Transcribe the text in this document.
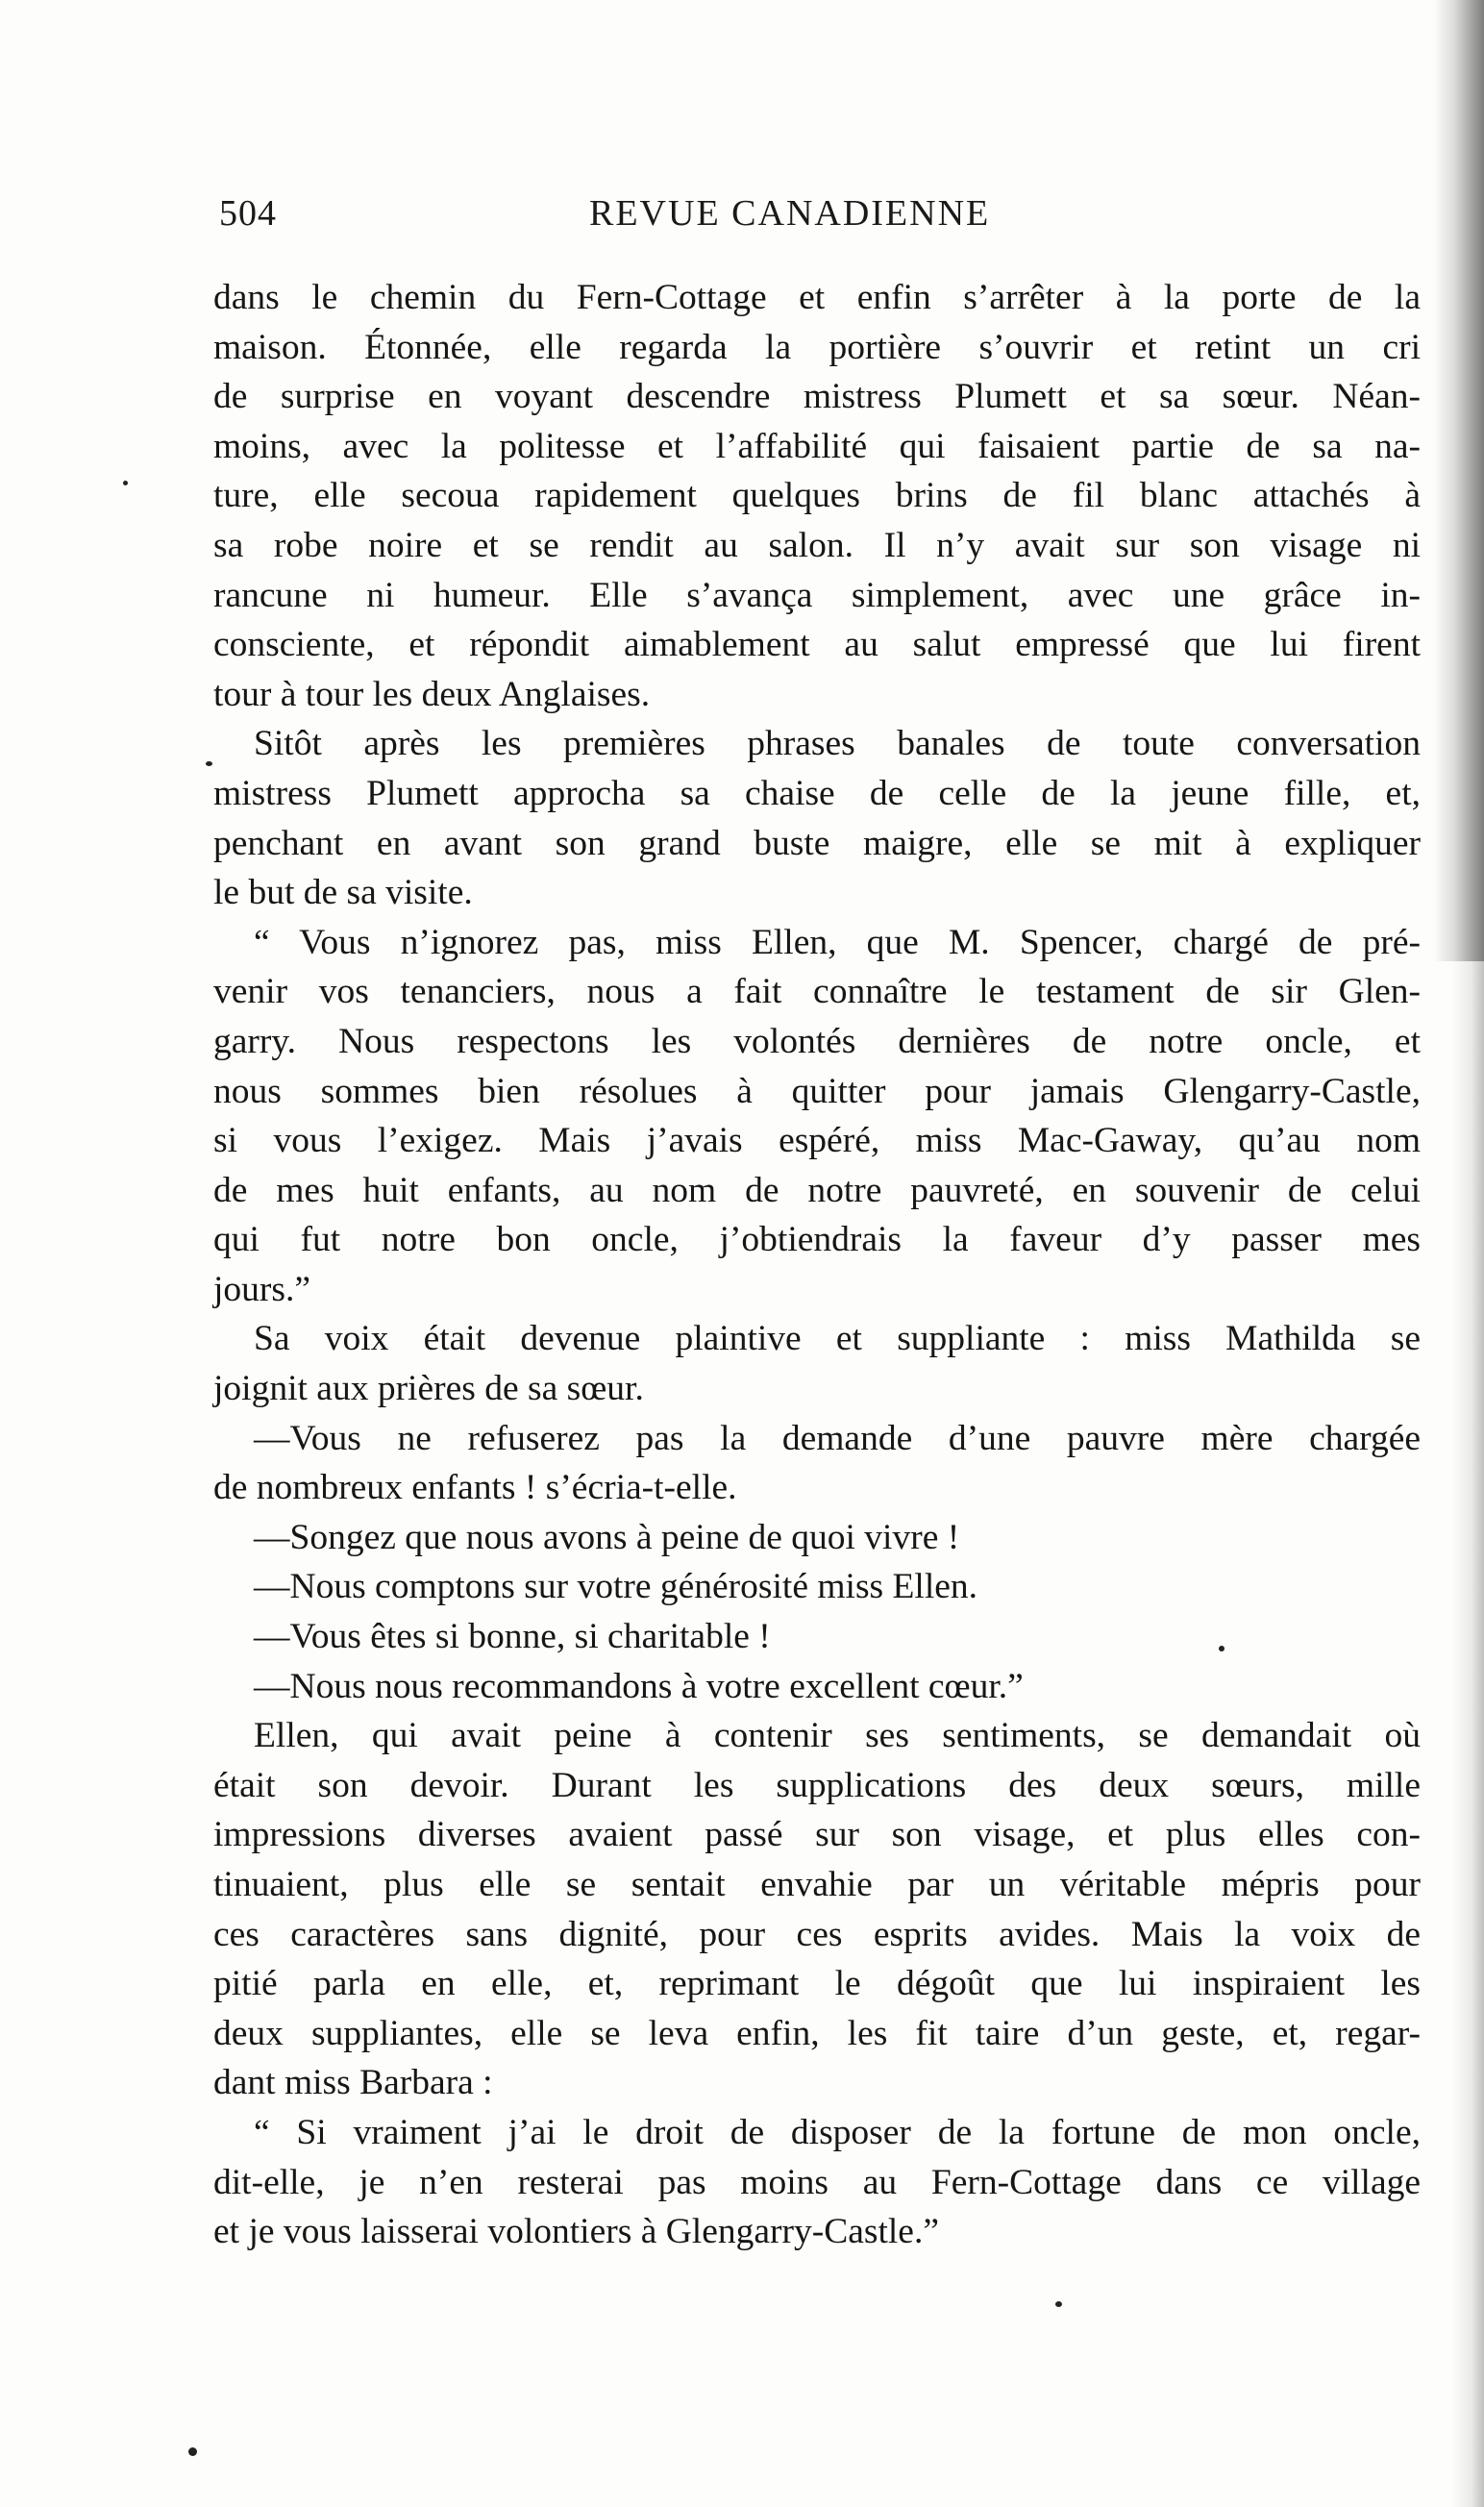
504	REVUE CANADIENNE
dans le chemin du Fern-Cottage et enfin s’arrêter à la porte de la
maison. Étonnée, elle regarda la portière s’ouvrir et retint un cri
de surprise en voyant descendre mistress Plumett et sa sœur. Néan-
moins, avec la politesse et l’affabilité qui faisaient partie de sa na-
ture, elle secoua rapidement quelques brins de fil blanc attachés à
sa robe noire et se rendit au salon. Il n’y avait sur son visage ni
rancune ni humeur. Elle s’avança simplement, avec une grâce in-
consciente, et répondit aimablement au salut empressé que lui firent
tour à tour les deux Anglaises.
Sitôt après les premières phrases banales de toute conversation
mistress Plumett approcha sa chaise de celle de la jeune fille, et,
penchant en avant son grand buste maigre, elle se mit à expliquer
le but de sa visite.
“ Vous n’ignorez pas, miss Ellen, que M. Spencer, chargé de pré-
venir vos tenanciers, nous a fait connaître le testament de sir Glen-
garry. Nous respectons les volontés dernières de notre oncle, et
nous sommes bien résolues à quitter pour jamais Glengarry-Castle,
si vous l’exigez. Mais j’avais espéré, miss Mac-Gaway, qu’au nom
de mes huit enfants, au nom de notre pauvreté, en souvenir de celui
qui fut notre bon oncle, j’obtiendrais la faveur d’y passer mes
jours.”
Sa voix était devenue plaintive et suppliante : miss Mathilda se
joignit aux prières de sa sœur.
—Vous ne refuserez pas la demande d’une pauvre mère chargée
de nombreux enfants ! s’écria-t-elle.
—Songez que nous avons à peine de quoi vivre !
—Nous comptons sur votre générosité miss Ellen.
—Vous êtes si bonne, si charitable !
—Nous nous recommandons à votre excellent cœur.”
Ellen, qui avait peine à contenir ses sentiments, se demandait où
était son devoir. Durant les supplications des deux sœurs, mille
impressions diverses avaient passé sur son visage, et plus elles con-
tinuaient, plus elle se sentait envahie par un véritable mépris pour
ces caractères sans dignité, pour ces esprits avides. Mais la voix de
pitié parla en elle, et, reprimant le dégoût que lui inspiraient les
deux suppliantes, elle se leva enfin, les fit taire d’un geste, et, regar-
dant miss Barbara :
“ Si vraiment j’ai le droit de disposer de la fortune de mon oncle,
dit-elle, je n’en resterai pas moins au Fern-Cottage dans ce village
et je vous laisserai volontiers à Glengarry-Castle.”
